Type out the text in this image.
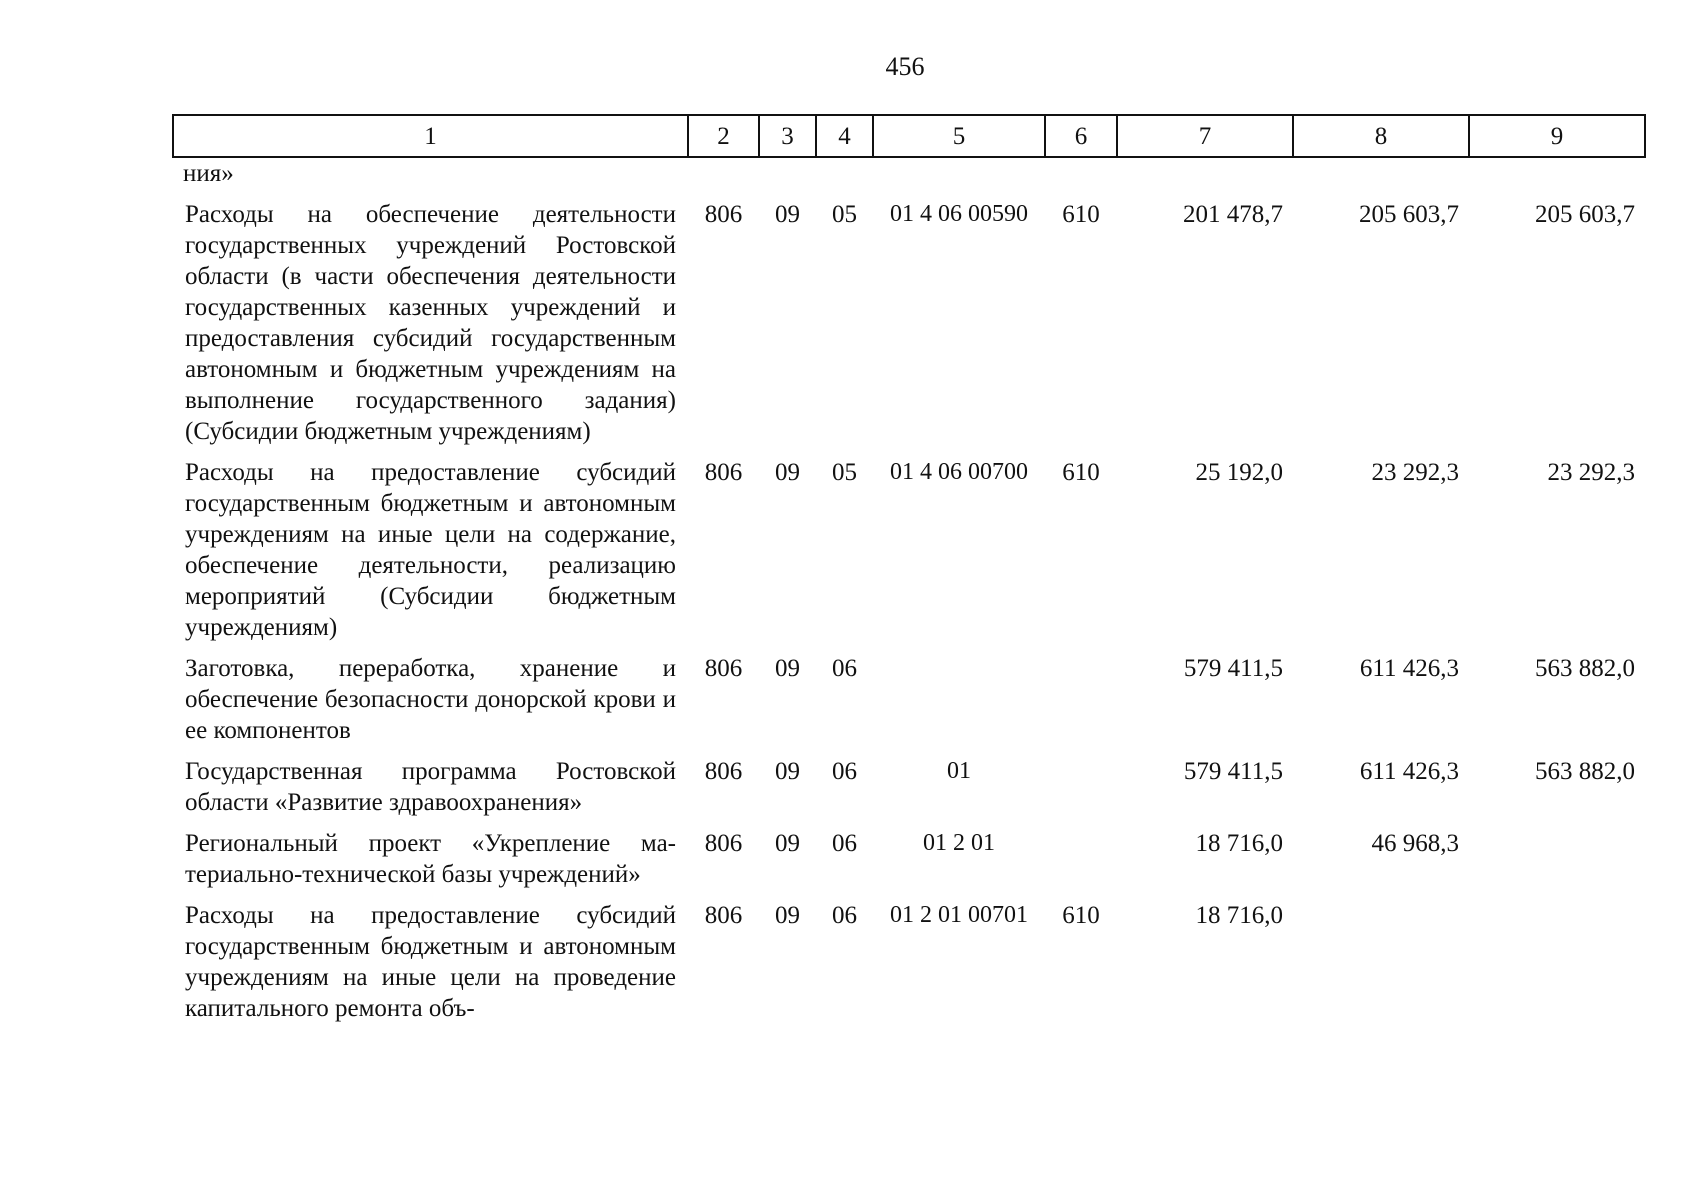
456
1	2	3	4	5	6	7	8	9
ния»								

Расходы на обеспечение деятельности государственных учреждений Ростовской области (в части обеспечения деятельности государственных казенных учреждений и предоставления субсидий государственным автономным и бюджетным учреждениям на выполнение государственного задания) (Субсидии бюджетным учреждениям)	806	09	05	01 4 06 00590	610	201 478,7	205 603,7	205 603,7

Расходы на предоставление субсидий государственным бюджетным и автономным учреждениям на иные цели на содержание, обеспечение деятельности, реализацию мероприятий (Субсидии бюджетным учреждениям)	806	09	05	01 4 06 00700	610	25 192,0	23 292,3	23 292,3

Заготовка, переработка, хранение и обеспечение безопасности донорской крови и ее компонентов	806	09	06			579 411,5	611 426,3	563 882,0

Государственная программа Ростовской области «Развитие здравоохранения»	806	09	06	01		579 411,5	611 426,3	563 882,0

Региональный проект «Укрепление материально-технической базы учреждений»	806	09	06	01 2 01		18 716,0	46 968,3	

Расходы на предоставление субсидий государственным бюджетным и автономным учреждениям на иные цели на проведение капитального ремонта объ-	806	09	06	01 2 01 00701	610	18 716,0		
